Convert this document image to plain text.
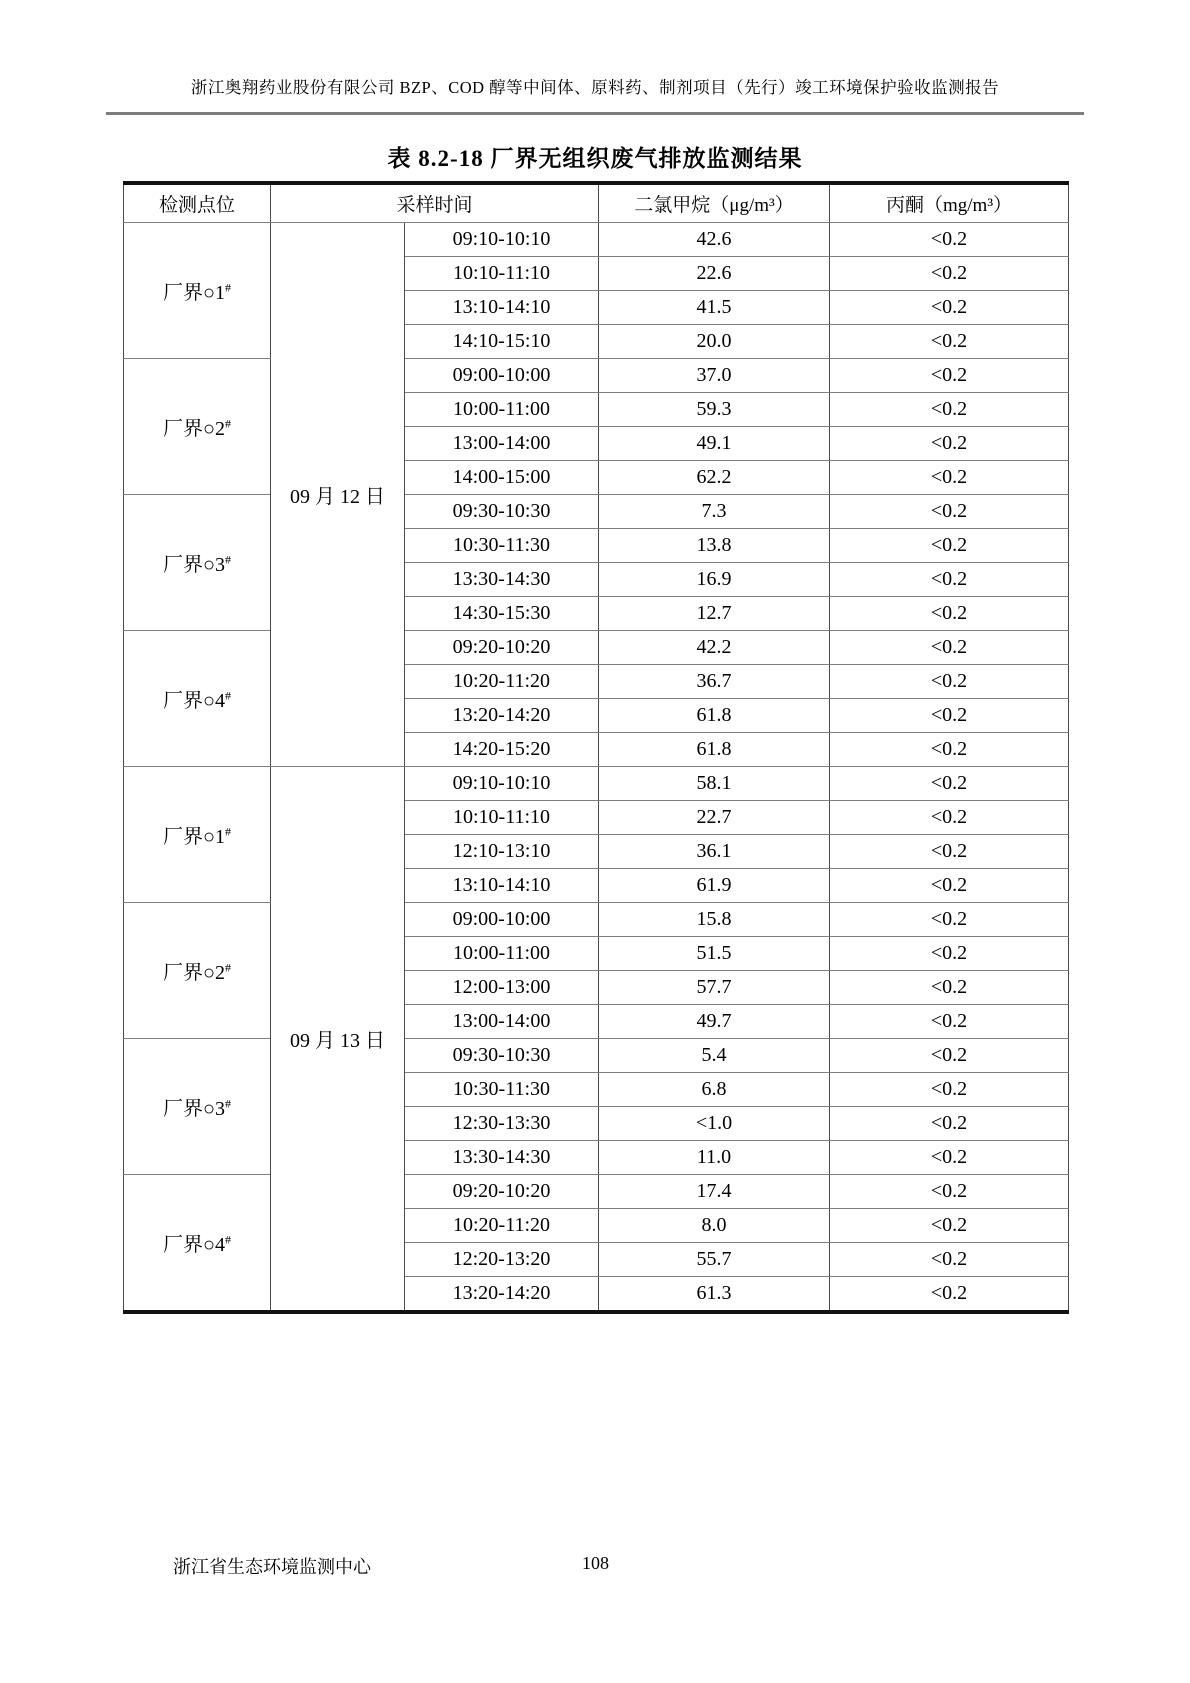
浙江奥翔药业股份有限公司 BZP、COD 醇等中间体、原料药、制剂项目（先行）竣工环境保护验收监测报告
表 8.2-18 厂界无组织废气排放监测结果
检测点位	采样时间		二氯甲烷（μg/m³）	丙酮（mg/m³）
厂界○1#	09 月 12 日	09:10-10:10	42.6	<0.2
		10:10-11:10	22.6	<0.2
		13:10-14:10	41.5	<0.2
		14:10-15:10	20.0	<0.2
厂界○2#		09:00-10:00	37.0	<0.2
		10:00-11:00	59.3	<0.2
		13:00-14:00	49.1	<0.2
		14:00-15:00	62.2	<0.2
厂界○3#		09:30-10:30	7.3	<0.2
		10:30-11:30	13.8	<0.2
		13:30-14:30	16.9	<0.2
		14:30-15:30	12.7	<0.2
厂界○4#		09:20-10:20	42.2	<0.2
		10:20-11:20	36.7	<0.2
		13:20-14:20	61.8	<0.2
		14:20-15:20	61.8	<0.2
厂界○1#	09 月 13 日	09:10-10:10	58.1	<0.2
		10:10-11:10	22.7	<0.2
		12:10-13:10	36.1	<0.2
		13:10-14:10	61.9	<0.2
厂界○2#		09:00-10:00	15.8	<0.2
		10:00-11:00	51.5	<0.2
		12:00-13:00	57.7	<0.2
		13:00-14:00	49.7	<0.2
厂界○3#		09:30-10:30	5.4	<0.2
		10:30-11:30	6.8	<0.2
		12:30-13:30	<1.0	<0.2
		13:30-14:30	11.0	<0.2
厂界○4#		09:20-10:20	17.4	<0.2
		10:20-11:20	8.0	<0.2
		12:20-13:20	55.7	<0.2
		13:20-14:20	61.3	<0.2
浙江省生态环境监测中心	108
